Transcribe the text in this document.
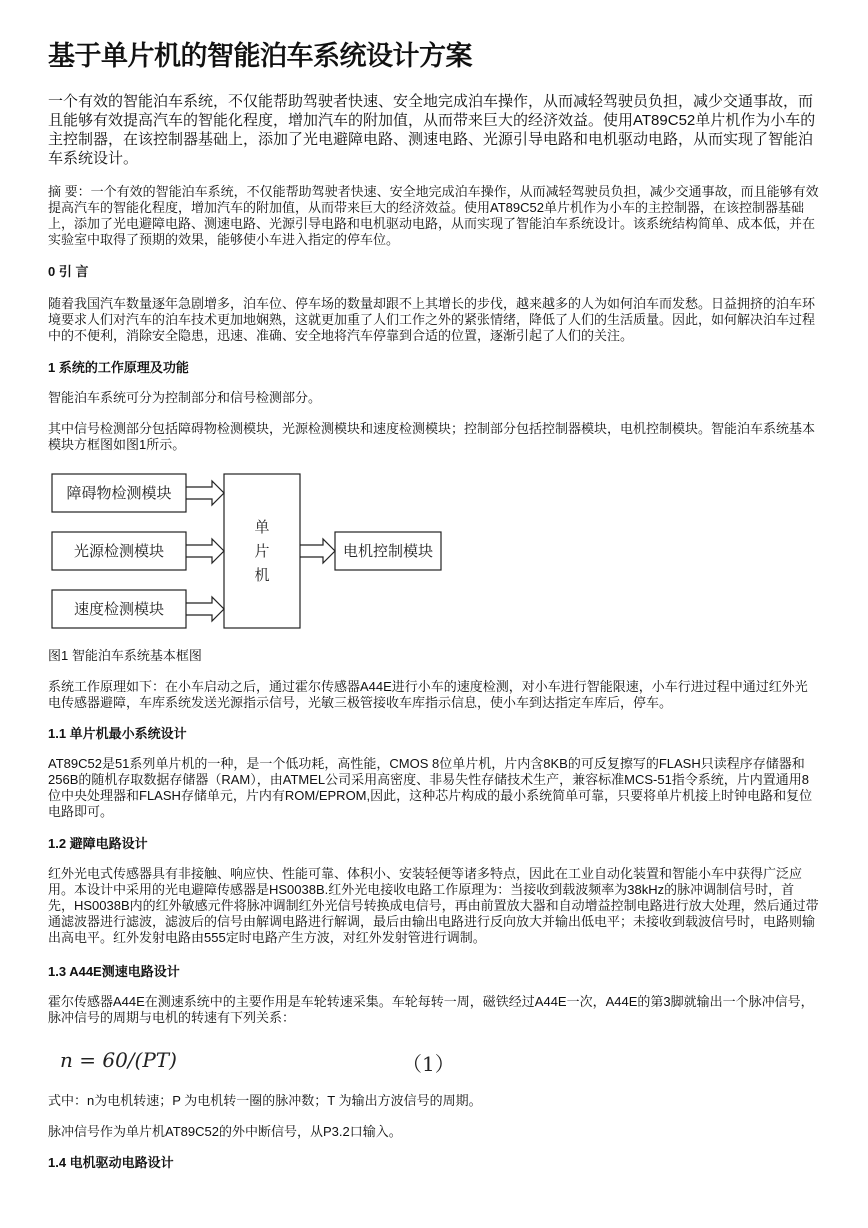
基于单片机的智能泊车系统设计方案

一个有效的智能泊车系统，不仅能帮助驾驶者快速、安全地完成泊车操作，从而减轻驾驶员负担，减少交通事故，而且能够有效提高汽车的智能化程度，增加汽车的附加值，从而带来巨大的经济效益。使用AT89C52单片机作为小车的主控制器，在该控制器基础上，添加了光电避障电路、测速电路、光源引导电路和电机驱动电路，从而实现了智能泊车系统设计。

摘 要：一个有效的智能泊车系统，不仅能帮助驾驶者快速、安全地完成泊车操作，从而减轻驾驶员负担，减少交通事故，而且能够有效提高汽车的智能化程度，增加汽车的附加值，从而带来巨大的经济效益。使用AT89C52单片机作为小车的主控制器，在该控制器基础上，添加了光电避障电路、测速电路、光源引导电路和电机驱动电路，从而实现了智能泊车系统设计。该系统结构简单、成本低，并在实验室中取得了预期的效果，能够使小车进入指定的停车位。

0 引 言

随着我国汽车数量逐年急剧增多，泊车位、停车场的数量却跟不上其增长的步伐，越来越多的人为如何泊车而发愁。日益拥挤的泊车环境要求人们对汽车的泊车技术更加地娴熟，这就更加重了人们工作之外的紧张情绪，降低了人们的生活质量。因此，如何解决泊车过程中的不便利，消除安全隐患，迅速、准确、安全地将汽车停靠到合适的位置，逐渐引起了人们的关注。

1 系统的工作原理及功能

智能泊车系统可分为控制部分和信号检测部分。

其中信号检测部分包括障碍物检测模块，光源检测模块和速度检测模块；控制部分包括控制器模块，电机控制模块。智能泊车系统基本模块方框图如图1所示。

障碍物检测模块
光源检测模块
速度检测模块
单
片
机
电机控制模块

图1 智能泊车系统基本框图

系统工作原理如下：在小车启动之后，通过霍尔传感器A44E进行小车的速度检测，对小车进行智能限速，小车行进过程中通过红外光电传感器避障，车库系统发送光源指示信号，光敏三极管接收车库指示信息，使小车到达指定车库后，停车。

1.1 单片机最小系统设计

AT89C52是51系列单片机的一种，是一个低功耗，高性能，CMOS 8位单片机，片内含8KB的可反复擦写的FLASH只读程序存储器和256B的随机存取数据存储器（RAM），由ATMEL公司采用高密度、非易失性存储技术生产，兼容标准MCS-51指令系统，片内置通用8位中央处理器和FLASH存储单元，片内有ROM/EPROM,因此，这种芯片构成的最小系统简单可靠，只要将单片机接上时钟电路和复位电路即可。

1.2 避障电路设计

红外光电式传感器具有非接触、响应快、性能可靠、体积小、安装轻便等诸多特点，因此在工业自动化装置和智能小车中获得广泛应用。本设计中采用的光电避障传感器是HS0038B.红外光电接收电路工作原理为：当接收到载波频率为38kHz的脉冲调制信号时，首先，HS0038B内的红外敏感元件将脉冲调制红外光信号转换成电信号，再由前置放大器和自动增益控制电路进行放大处理，然后通过带通滤波器进行滤波，滤波后的信号由解调电路进行解调，最后由输出电路进行反向放大并输出低电平；未接收到载波信号时，电路则输出高电平。红外发射电路由555定时电路产生方波，对红外发射管进行调制。

1.3 A44E测速电路设计

霍尔传感器A44E在测速系统中的主要作用是车轮转速采集。车轮每转一周，磁铁经过A44E一次，A44E的第3脚就输出一个脉冲信号，脉冲信号的周期与电机的转速有下列关系：

式中：n为电机转速；P 为电机转一圈的脉冲数；T 为输出方波信号的周期。

脉冲信号作为单片机AT89C52的外中断信号，从P3.2口输入。

1.4 电机驱动电路设计

n = 60/(PT)	（1）
